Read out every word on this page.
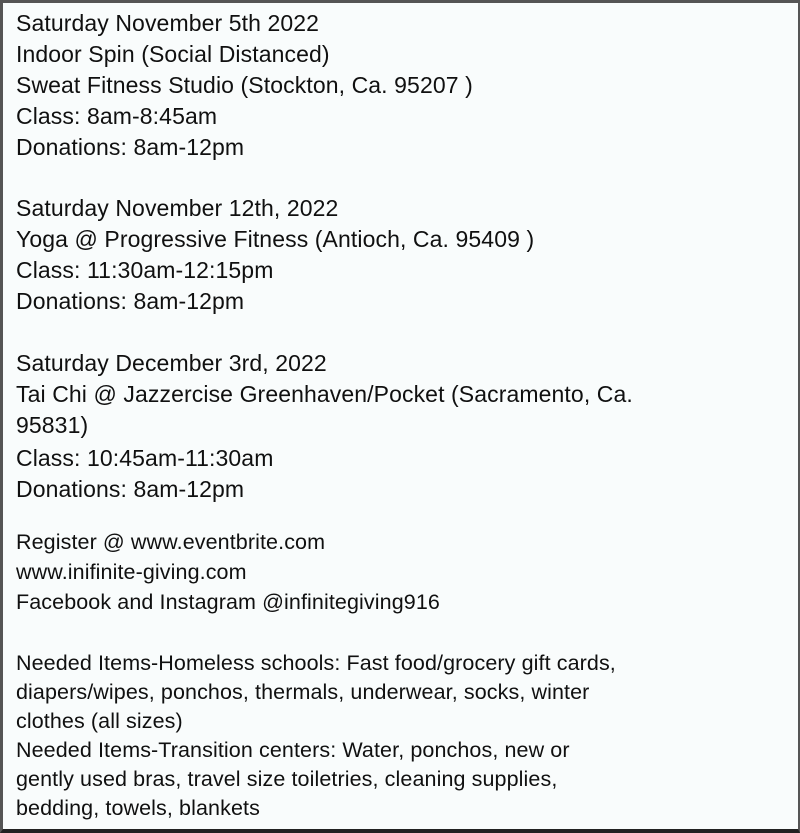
Saturday November 5th 2022
Indoor Spin (Social Distanced)
Sweat Fitness Studio (Stockton, Ca. 95207 )
Class: 8am-8:45am
Donations: 8am-12pm
Saturday November 12th, 2022
Yoga @ Progressive Fitness (Antioch, Ca. 95409 )
Class: 11:30am-12:15pm
Donations: 8am-12pm
Saturday December 3rd, 2022
Tai Chi @ Jazzercise Greenhaven/Pocket (Sacramento, Ca.
95831)
Class: 10:45am-11:30am
Donations: 8am-12pm
Register @ www.eventbrite.com
www.inifinite-giving.com
Facebook and Instagram @infinitegiving916
Needed Items-Homeless schools: Fast food/grocery gift cards,
diapers/wipes, ponchos, thermals, underwear, socks, winter
clothes (all sizes)
Needed Items-Transition centers: Water, ponchos, new or
gently used bras, travel size toiletries, cleaning supplies,
bedding, towels, blankets
